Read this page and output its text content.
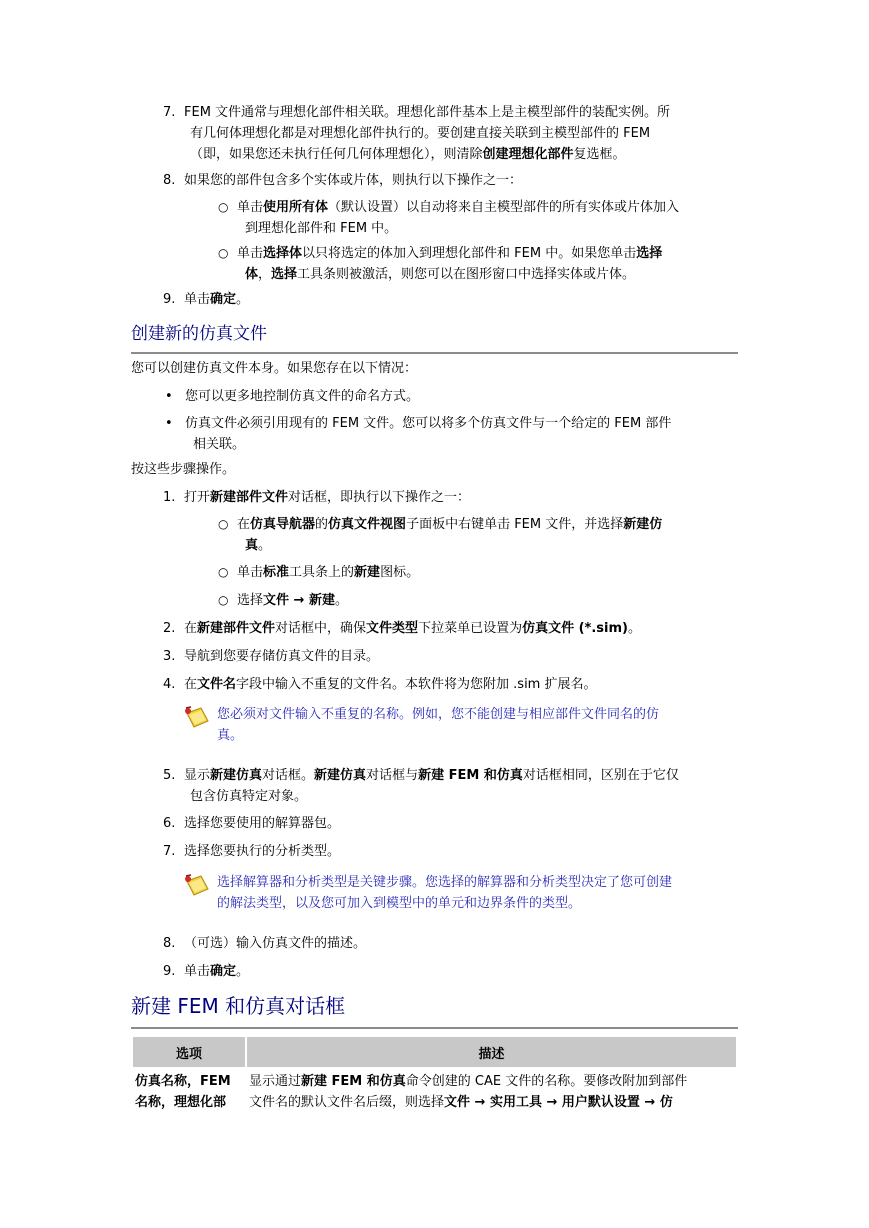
7. FEM 文件通常与理想化部件相关联。理想化部件基本上是主模型部件的装配实例。所
有几何体理想化都是对理想化部件执行的。要创建直接关联到主模型部件的 FEM
（即，如果您还未执行任何几何体理想化），则清除创建理想化部件复选框。
8. 如果您的部件包含多个实体或片体，则执行以下操作之一：
○ 单击使用所有体（默认设置）以自动将来自主模型部件的所有实体或片体加入
到理想化部件和 FEM 中。
○ 单击选择体以只将选定的体加入到理想化部件和 FEM 中。如果您单击选择
体，选择工具条则被激活，则您可以在图形窗口中选择实体或片体。
9. 单击确定。
创建新的仿真文件
您可以创建仿真文件本身。如果您存在以下情况：
• 您可以更多地控制仿真文件的命名方式。
• 仿真文件必须引用现有的 FEM 文件。您可以将多个仿真文件与一个给定的 FEM 部件
相关联。
按这些步骤操作。
1. 打开新建部件文件对话框，即执行以下操作之一：
○ 在仿真导航器的仿真文件视图子面板中右键单击 FEM 文件，并选择新建仿
真。
○ 单击标准工具条上的新建图标。
○ 选择文件 → 新建。
2. 在新建部件文件对话框中，确保文件类型下拉菜单已设置为仿真文件 (*.sim)。
3. 导航到您要存储仿真文件的目录。
4. 在文件名字段中输入不重复的文件名。本软件将为您附加 .sim 扩展名。
您必须对文件输入不重复的名称。例如，您不能创建与相应部件文件同名的仿
真。
5. 显示新建仿真对话框。新建仿真对话框与新建 FEM 和仿真对话框相同，区别在于它仅
包含仿真特定对象。
6. 选择您要使用的解算器包。
7. 选择您要执行的分析类型。
选择解算器和分析类型是关键步骤。您选择的解算器和分析类型决定了您可创建
的解法类型，以及您可加入到模型中的单元和边界条件的类型。
8. （可选）输入仿真文件的描述。
9. 单击确定。
新建 FEM 和仿真对话框
选项	描述
仿真名称，FEM
名称，理想化部	显示通过新建 FEM 和仿真命令创建的 CAE 文件的名称。要修改附加到部件
文件名的默认文件名后缀，则选择文件 → 实用工具 → 用户默认设置 → 仿
